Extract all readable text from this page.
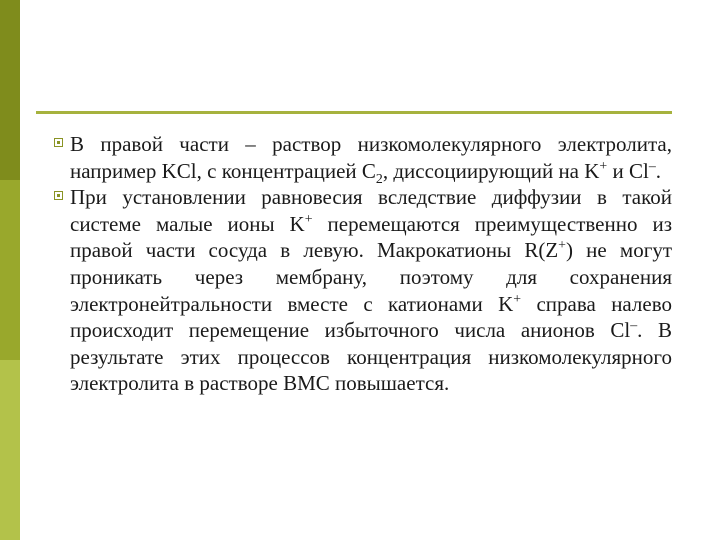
В правой части – раствор низкомолекулярного электролита, например KCl, с концентрацией $C_2$, диссоциирующий на K+ и Cl–.
При установлении равновесия вследствие диффузии в такой системе малые ионы K+ перемещаются преимущественно из правой части сосуда в левую. Макрокатионы R(Z+) не могут проникать через мембрану, поэтому для сохранения электронейтральности вместе с катионами K+ справа налево происходит перемещение избыточного числа анионов Cl–. В результате этих процессов концентрация низкомолекулярного электролита в растворе ВМС повышается.
